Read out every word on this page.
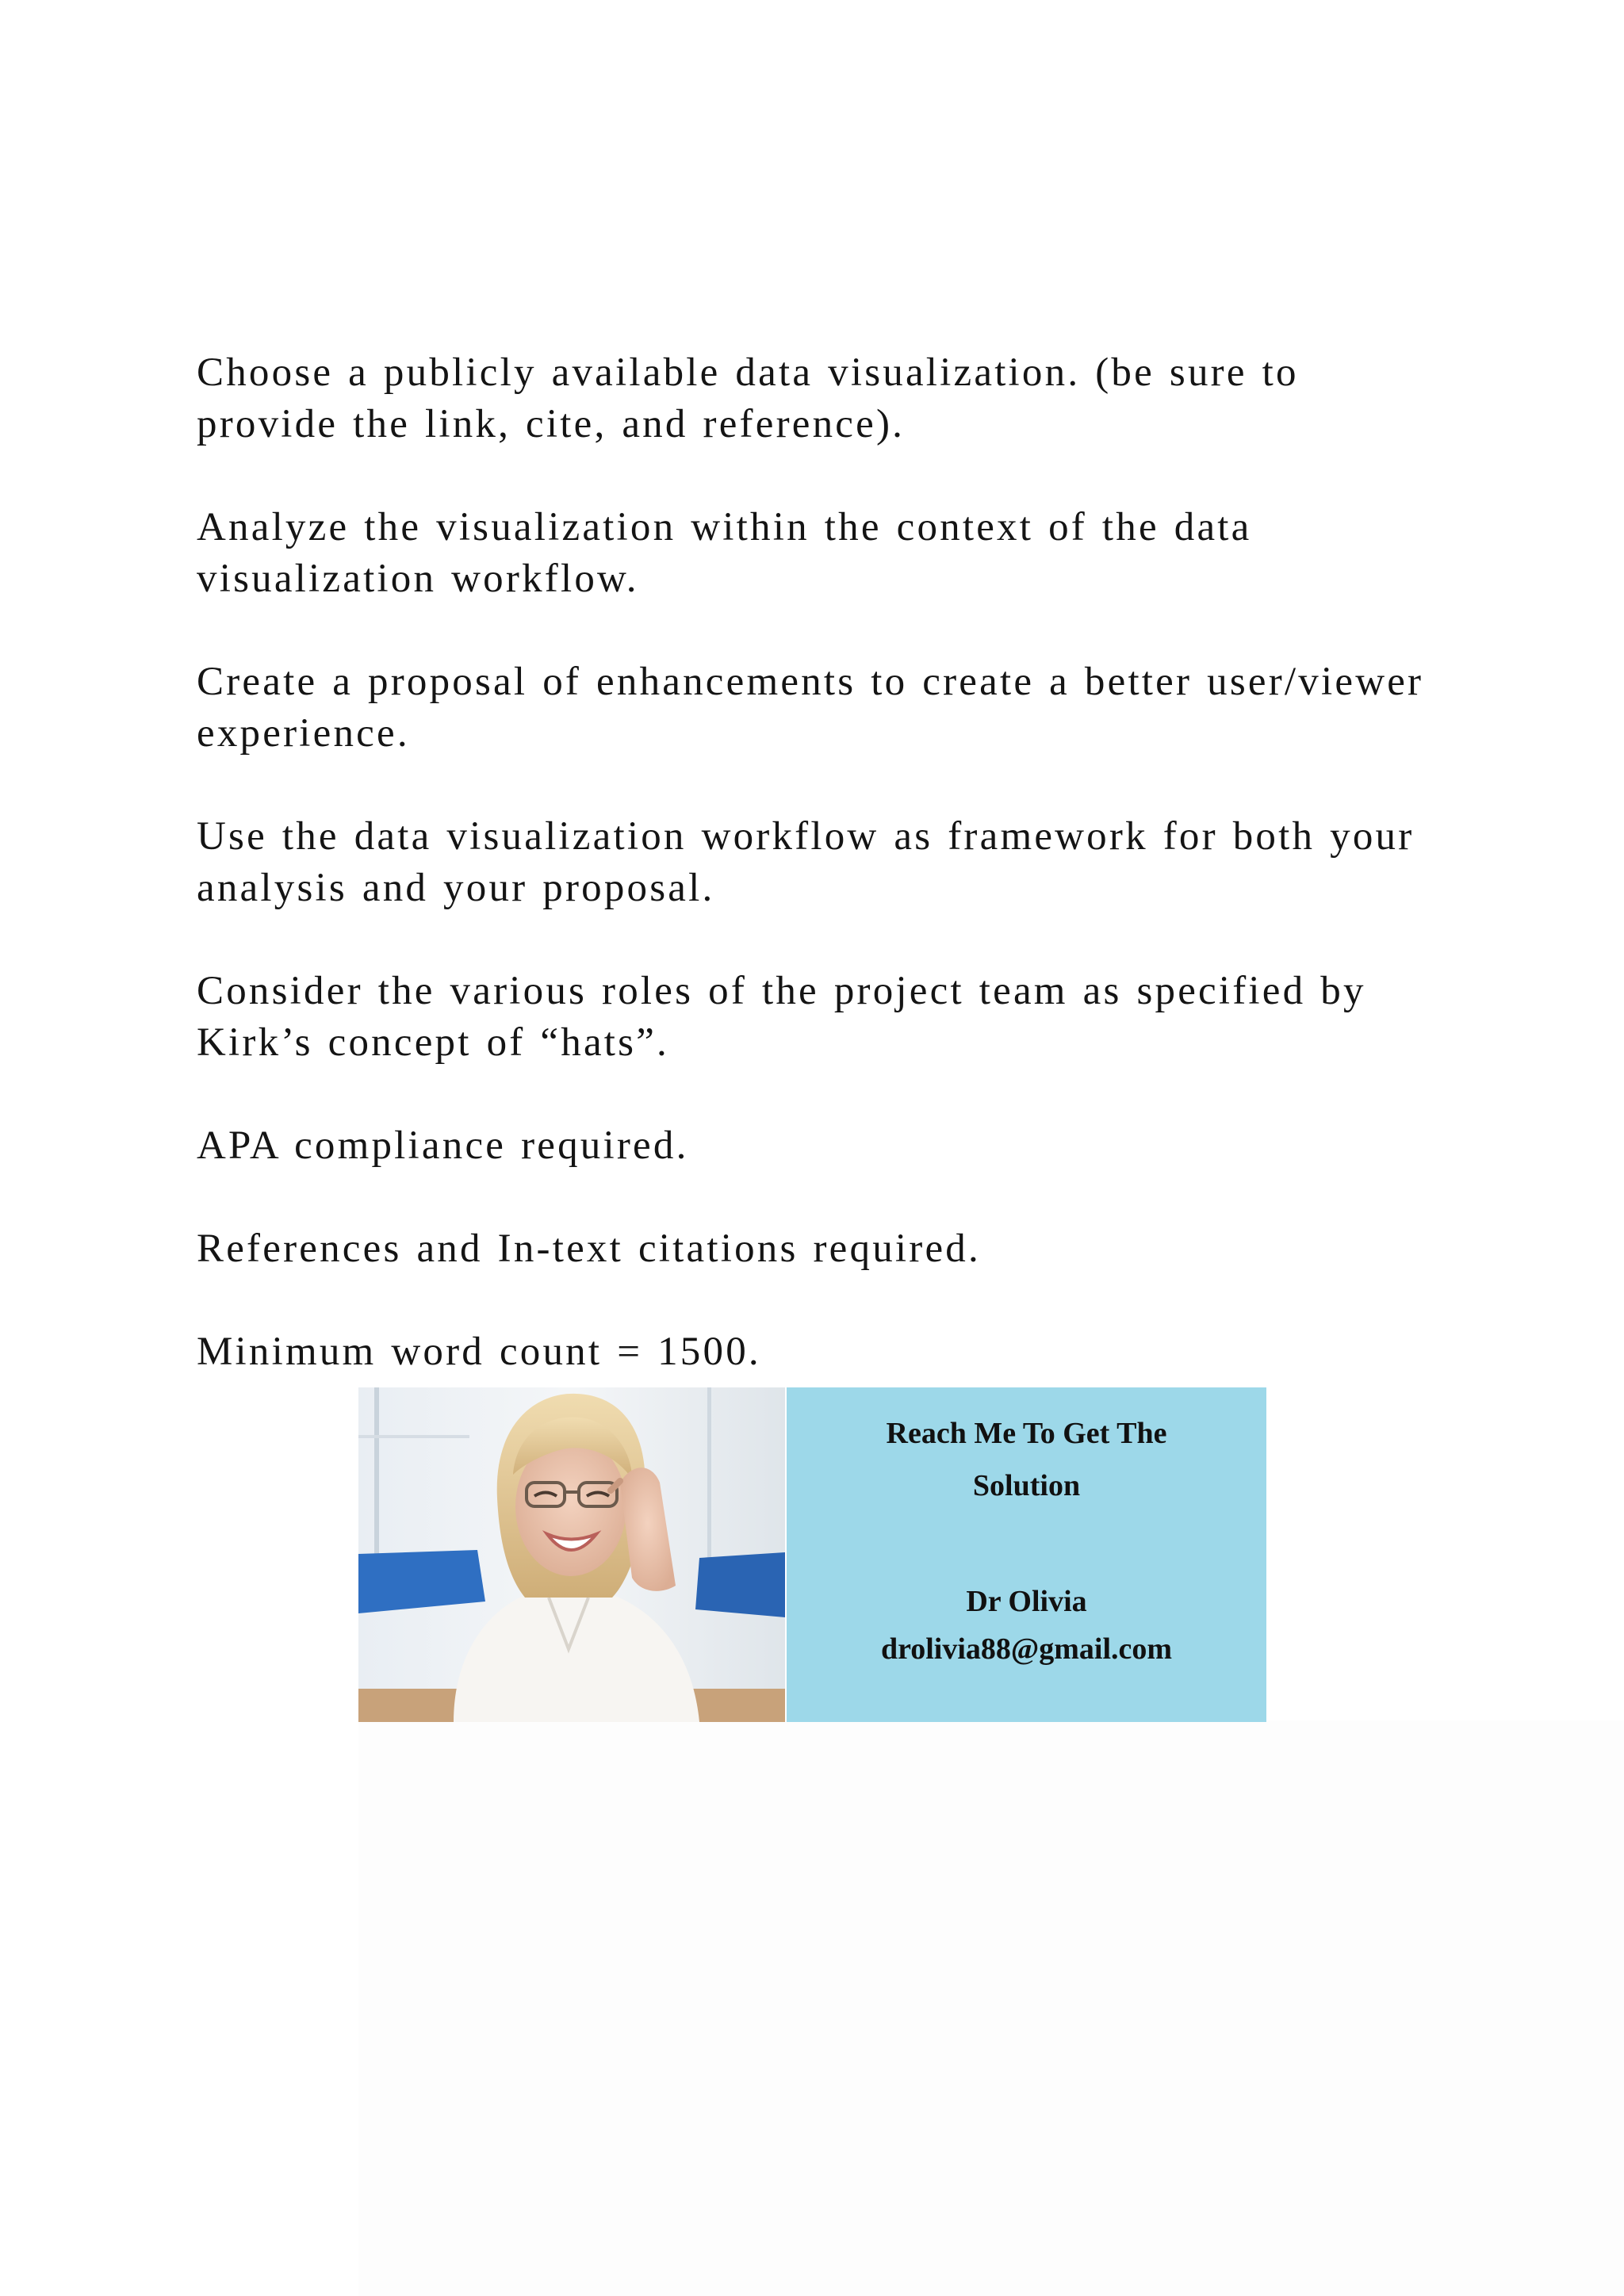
Choose a publicly available data visualization. (be sure to
provide the link, cite, and reference).

Analyze the visualization within the context of the data
visualization workflow.

Create a proposal of enhancements to create a better user/viewer
experience.

Use the data visualization workflow as framework for both your
analysis and your proposal.

Consider the various roles of the project team as specified by
Kirk’s concept of “hats”.

APA compliance required.

References and In-text citations required.

Minimum word count = 1500.

Reach Me To Get The
Solution
Dr Olivia
drolivia88@gmail.com
